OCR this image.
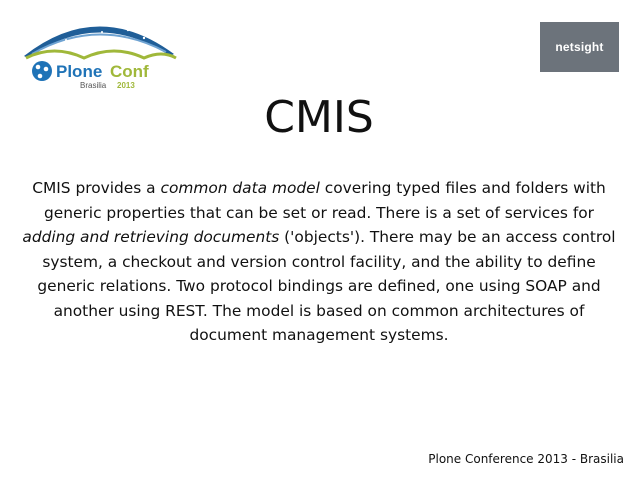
Plone Conf
Brasilia 2013
netsight
CMIS
CMIS provides a common data model covering typed files and folders with generic properties that can be set or read. There is a set of services for adding and retrieving documents ('objects'). There may be an access control system, a checkout and version control facility, and the ability to define generic relations. Two protocol bindings are defined, one using SOAP and another using REST. The model is based on common architectures of document management systems.
Plone Conference 2013 - Brasilia
